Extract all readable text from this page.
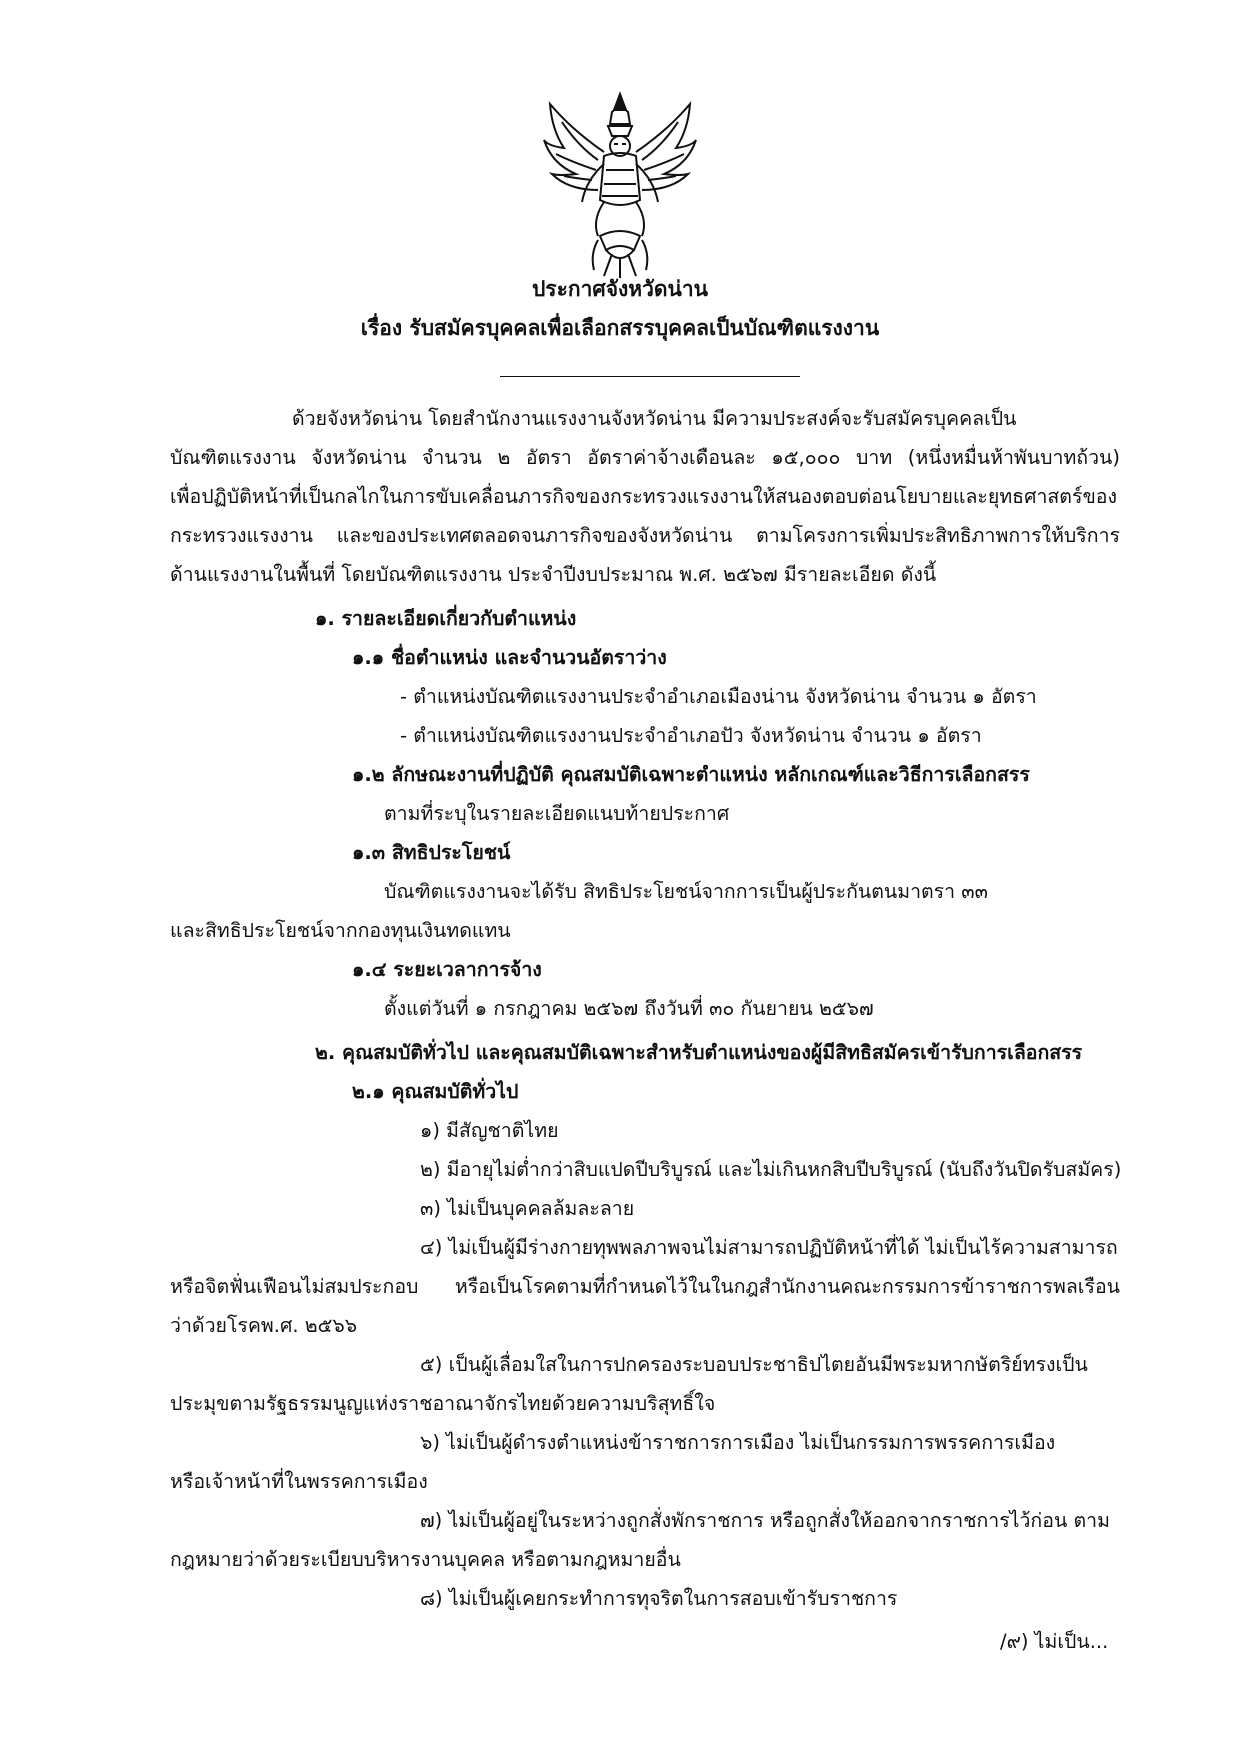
ประกาศจังหวัดน่าน
เรื่อง รับสมัครบุคคลเพื่อเลือกสรรบุคคลเป็นบัณฑิตแรงงาน
ด้วยจังหวัดน่าน โดยสำนักงานแรงงานจังหวัดน่าน มีความประสงค์จะรับสมัครบุคคลเป็น
บัณฑิตแรงงาน จังหวัดน่าน จำนวน ๒ อัตรา อัตราค่าจ้างเดือนละ ๑๕,๐๐๐ บาท (หนึ่งหมื่นห้าพันบาทถ้วน)
เพื่อปฏิบัติหน้าที่เป็นกลไกในการขับเคลื่อนภารกิจของกระทรวงแรงงานให้สนองตอบต่อนโยบายและยุทธศาสตร์ของ
กระทรวงแรงงาน และของประเทศตลอดจนภารกิจของจังหวัดน่าน ตามโครงการเพิ่มประสิทธิภาพการให้บริการ
ด้านแรงงานในพื้นที่ โดยบัณฑิตแรงงาน ประจำปีงบประมาณ พ.ศ. ๒๕๖๗ มีรายละเอียด ดังนี้
๑. รายละเอียดเกี่ยวกับตำแหน่ง
๑.๑ ชื่อตำแหน่ง และจำนวนอัตราว่าง
- ตำแหน่งบัณฑิตแรงงานประจำอำเภอเมืองน่าน จังหวัดน่าน จำนวน ๑ อัตรา
- ตำแหน่งบัณฑิตแรงงานประจำอำเภอปัว จังหวัดน่าน จำนวน ๑ อัตรา
๑.๒ ลักษณะงานที่ปฏิบัติ คุณสมบัติเฉพาะตำแหน่ง หลักเกณฑ์และวิธีการเลือกสรร
ตามที่ระบุในรายละเอียดแนบท้ายประกาศ
๑.๓ สิทธิประโยชน์
บัณฑิตแรงงานจะได้รับ สิทธิประโยชน์จากการเป็นผู้ประกันตนมาตรา ๓๓
และสิทธิประโยชน์จากกองทุนเงินทดแทน
๑.๔ ระยะเวลาการจ้าง
ตั้งแต่วันที่ ๑ กรกฎาคม ๒๕๖๗ ถึงวันที่ ๓๐ กันยายน ๒๕๖๗
๒. คุณสมบัติทั่วไป และคุณสมบัติเฉพาะสำหรับตำแหน่งของผู้มีสิทธิสมัครเข้ารับการเลือกสรร
๒.๑ คุณสมบัติทั่วไป
๑) มีสัญชาติไทย
๒) มีอายุไม่ต่ำกว่าสิบแปดปีบริบูรณ์ และไม่เกินหกสิบปีบริบูรณ์ (นับถึงวันปิดรับสมัคร)
๓) ไม่เป็นบุคคลล้มละลาย
๔) ไม่เป็นผู้มีร่างกายทุพพลภาพจนไม่สามารถปฏิบัติหน้าที่ได้ ไม่เป็นไร้ความสามารถ
หรือจิตฟั่นเฟือนไม่สมประกอบ หรือเป็นโรคตามที่กำหนดไว้ในในกฎสำนักงานคณะกรรมการข้าราชการพลเรือน
ว่าด้วยโรคพ.ศ. ๒๕๖๖
๕) เป็นผู้เลื่อมใสในการปกครองระบอบประชาธิปไตยอันมีพระมหากษัตริย์ทรงเป็น
ประมุขตามรัฐธรรมนูญแห่งราชอาณาจักรไทยด้วยความบริสุทธิ์ใจ
๖) ไม่เป็นผู้ดำรงตำแหน่งข้าราชการการเมือง ไม่เป็นกรรมการพรรคการเมือง
หรือเจ้าหน้าที่ในพรรคการเมือง
๗) ไม่เป็นผู้อยู่ในระหว่างถูกสั่งพักราชการ หรือถูกสั่งให้ออกจากราชการไว้ก่อน ตาม
กฎหมายว่าด้วยระเบียบบริหารงานบุคคล หรือตามกฎหมายอื่น
๘) ไม่เป็นผู้เคยกระทำการทุจริตในการสอบเข้ารับราชการ
/๙) ไม่เป็น...
